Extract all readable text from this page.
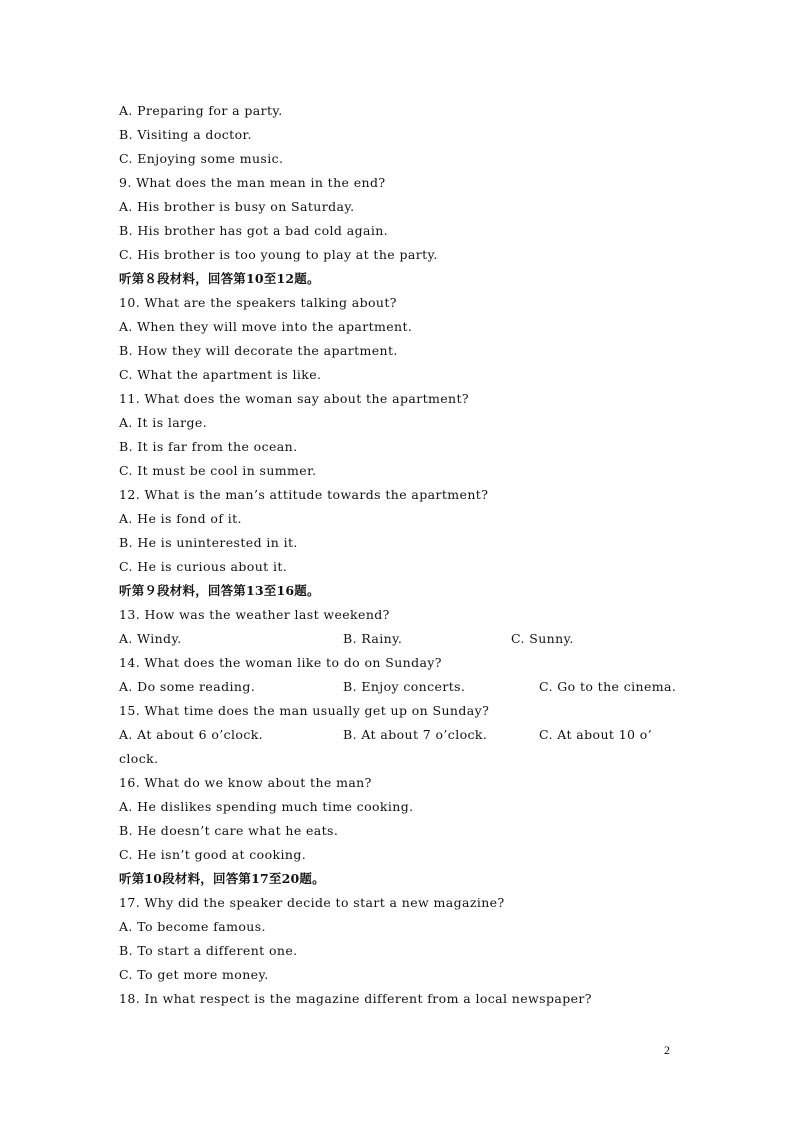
A. Preparing for a party.
B. Visiting a doctor.
C. Enjoying some music.
9. What does the man mean in the end?
A. His brother is busy on Saturday.
B. His brother has got a bad cold again.
C. His brother is too young to play at the party.
听第８段材料，回答第10至12题。
10. What are the speakers talking about?
A. When they will move into the apartment.
B. How they will decorate the apartment.
C. What the apartment is like.
11. What does the woman say about the apartment?
A. It is large.
B. It is far from the ocean.
C. It must be cool in summer.
12. What is the man’s attitude towards the apartment?
A. He is fond of it.
B. He is uninterested in it.
C. He is curious about it.
听第９段材料，回答第13至16题。
13. How was the weather last weekend?
A. Windy.	B. Rainy.	C. Sunny.
14. What does the woman like to do on Sunday?
A. Do some reading.	B. Enjoy concerts.	C. Go to the cinema.
15. What time does the man usually get up on Sunday?
A. At about 6 o’clock.	B. At about 7 o’clock.	C. At about 10 o’
clock.
16. What do we know about the man?
A. He dislikes spending much time cooking.
B. He doesn’t care what he eats.
C. He isn’t good at cooking.
听第10段材料，回答第17至20题。
17. Why did the speaker decide to start a new magazine?
A. To become famous.
B. To start a different one.
C. To get more money.
18. In what respect is the magazine different from a local newspaper?
2
